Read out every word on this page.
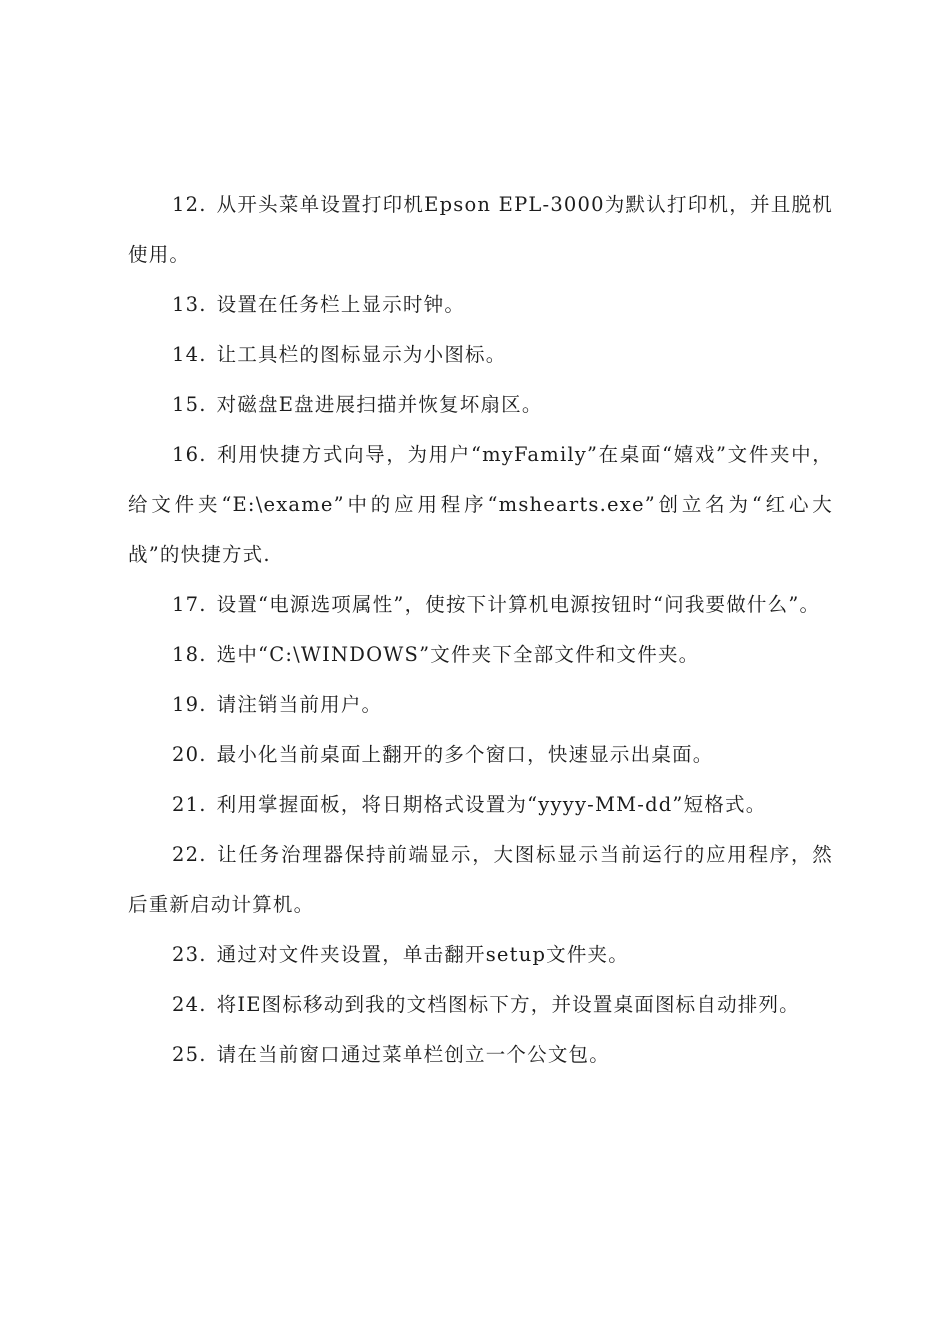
12. 从开头菜单设置打印机Epson EPL-3000为默认打印机，并且脱机使用。

13. 设置在任务栏上显示时钟。

14. 让工具栏的图标显示为小图标。

15. 对磁盘E盘进展扫描并恢复坏扇区。

16. 利用快捷方式向导，为用户“myFamily”在桌面“嬉戏”文件夹中，给文件夹“E:\exame”中的应用程序“mshearts.exe”创立名为“红心大战”的快捷方式.

17. 设置“电源选项属性”，使按下计算机电源按钮时“问我要做什么”。

18. 选中“C:\WINDOWS”文件夹下全部文件和文件夹。

19. 请注销当前用户。

20. 最小化当前桌面上翻开的多个窗口，快速显示出桌面。

21. 利用掌握面板，将日期格式设置为“yyyy-MM-dd”短格式。

22. 让任务治理器保持前端显示，大图标显示当前运行的应用程序，然后重新启动计算机。

23. 通过对文件夹设置，单击翻开setup文件夹。

24. 将IE图标移动到我的文档图标下方，并设置桌面图标自动排列。

25. 请在当前窗口通过菜单栏创立一个公文包。
